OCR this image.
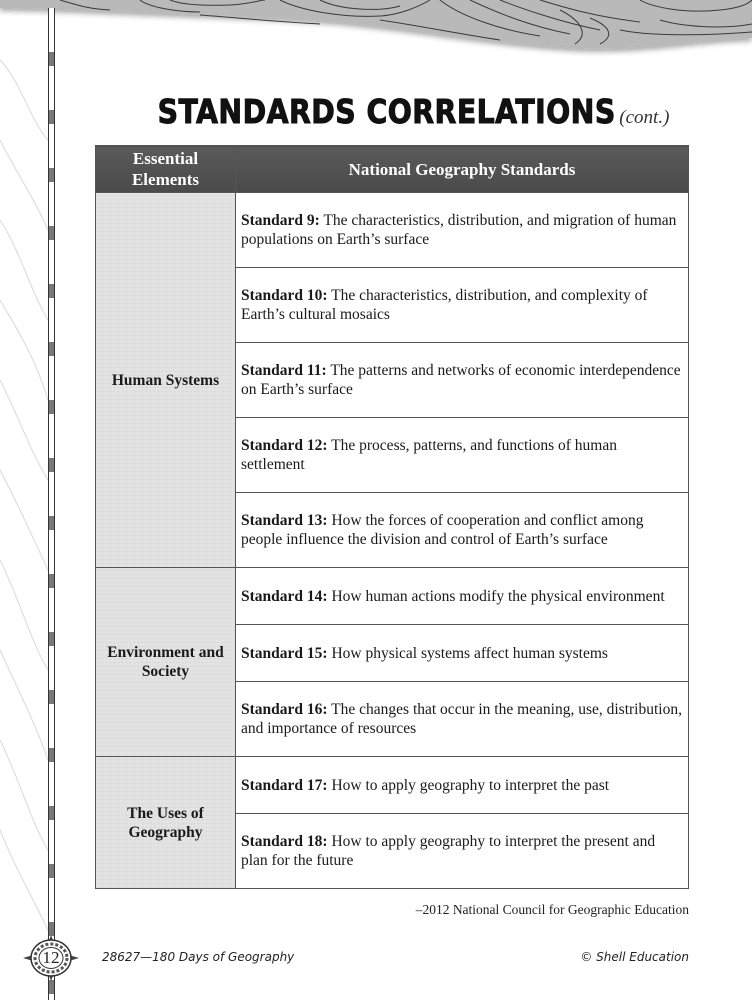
STANDARDS CORRELATIONS (cont.)
Essential Elements	National Geography Standards
Human Systems	Standard 9: The characteristics, distribution, and migration of human populations on Earth’s surface
	Standard 10: The characteristics, distribution, and complexity of Earth’s cultural mosaics
	Standard 11: The patterns and networks of economic interdependence on Earth’s surface
	Standard 12: The process, patterns, and functions of human settlement
	Standard 13: How the forces of cooperation and conflict among people influence the division and control of Earth’s surface
Environment and Society	Standard 14: How human actions modify the physical environment
	Standard 15: How physical systems affect human systems
	Standard 16: The changes that occur in the meaning, use, distribution, and importance of resources
The Uses of Geography	Standard 17: How to apply geography to interpret the past
	Standard 18: How to apply geography to interpret the present and plan for the future
–2012 National Council for Geographic Education
12	28627—180 Days of Geography	© Shell Education
